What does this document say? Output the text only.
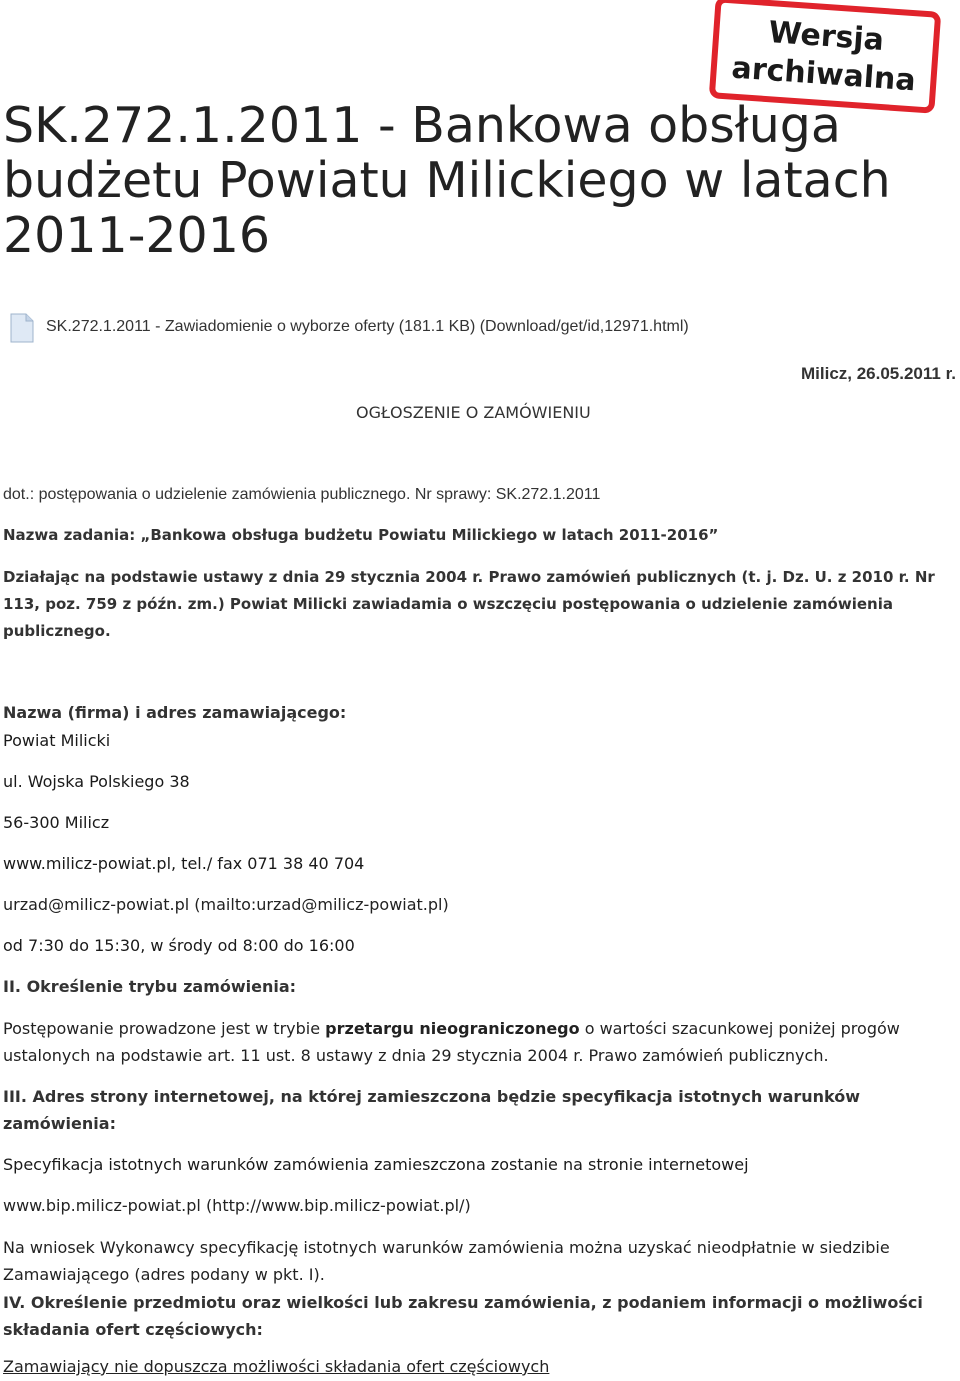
Wersja
archiwalna
SK.272.1.2011 - Bankowa obsługa
budżetu Powiatu Milickiego w latach
2011-2016
SK.272.1.2011 - Zawiadomienie o wyborze oferty (181.1 KB) (Download/get/id,12971.html)
Milicz, 26.05.2011 r.
OGŁOSZENIE O ZAMÓWIENIU
dot.: postępowania o udzielenie zamówienia publicznego. Nr sprawy: SK.272.1.2011
Nazwa zadania: „Bankowa obsługa budżetu Powiatu Milickiego w latach 2011-2016”
Działając na podstawie ustawy z dnia 29 stycznia 2004 r. Prawo zamówień publicznych (t. j. Dz. U. z 2010 r. Nr 113, poz. 759 z późn. zm.) Powiat Milicki zawiadamia o wszczęciu postępowania o udzielenie zamówienia publicznego.
Nazwa (firma) i adres zamawiającego:
Powiat Milicki
ul. Wojska Polskiego 38
56-300 Milicz
www.milicz-powiat.pl, tel./ fax 071 38 40 704
urzad@milicz-powiat.pl (mailto:urzad@milicz-powiat.pl)
od 7:30 do 15:30, w środy od 8:00 do 16:00
II. Określenie trybu zamówienia:
Postępowanie prowadzone jest w trybie przetargu nieograniczonego o wartości szacunkowej poniżej progów ustalonych na podstawie art. 11 ust. 8 ustawy z dnia 29 stycznia 2004 r. Prawo zamówień publicznych.
III. Adres strony internetowej, na której zamieszczona będzie specyfikacja istotnych warunków zamówienia:
Specyfikacja istotnych warunków zamówienia zamieszczona zostanie na stronie internetowej
www.bip.milicz-powiat.pl (http://www.bip.milicz-powiat.pl/)
Na wniosek Wykonawcy specyfikację istotnych warunków zamówienia można uzyskać nieodpłatnie w siedzibie Zamawiającego (adres podany w pkt. I).
IV. Określenie przedmiotu oraz wielkości lub zakresu zamówienia, z podaniem informacji o możliwości składania ofert częściowych:
Zamawiający nie dopuszcza możliwości składania ofert częściowych
